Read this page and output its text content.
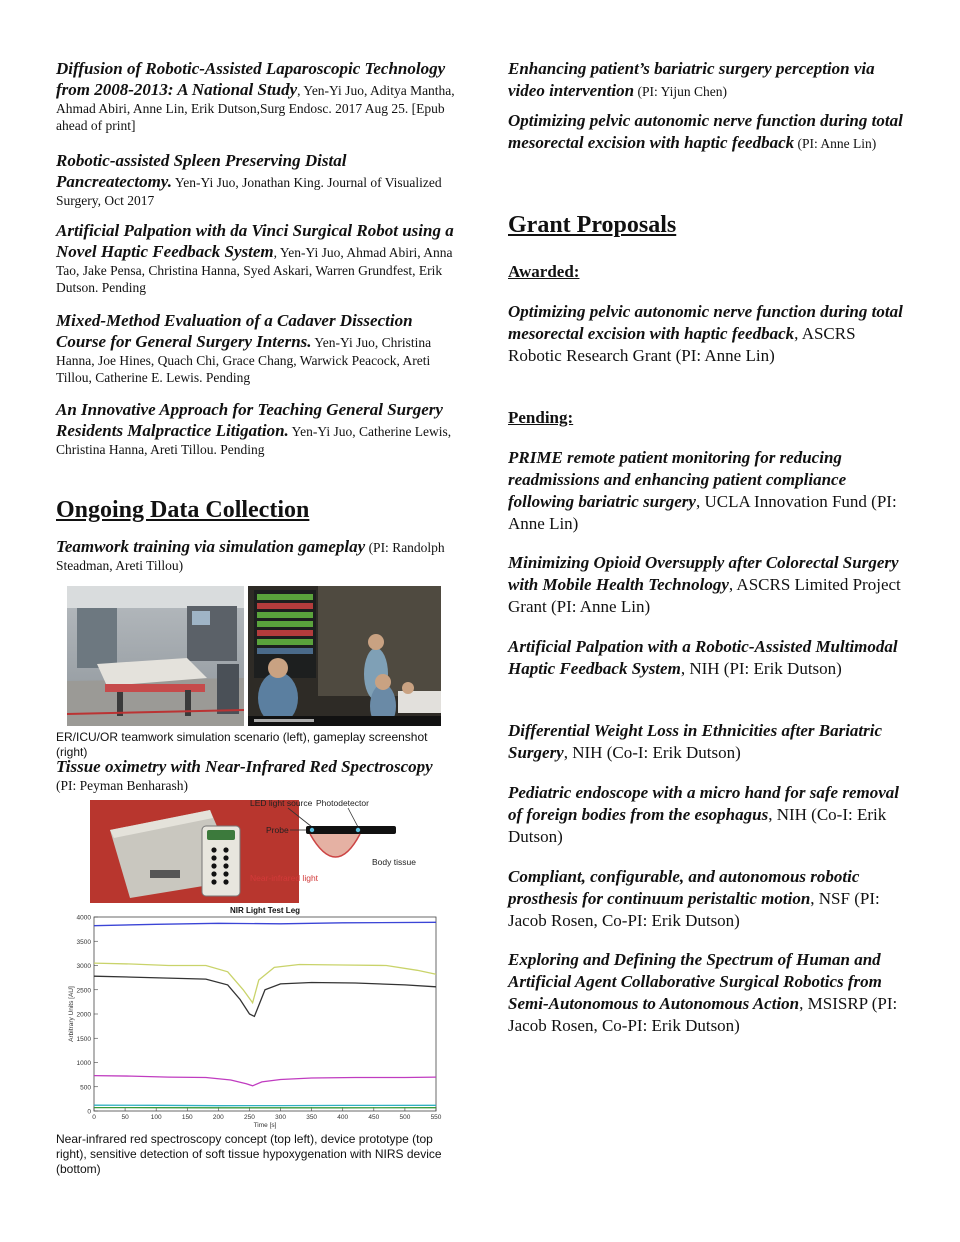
Diffusion of Robotic-Assisted Laparoscopic Technology from 2008-2013: A National Study, Yen-Yi Juo, Aditya Mantha, Ahmad Abiri, Anne Lin, Erik Dutson,Surg Endosc. 2017 Aug 25. [Epub ahead of print]
Robotic-assisted Spleen Preserving Distal Pancreatectomy. Yen-Yi Juo, Jonathan King. Journal of Visualized Surgery, Oct 2017
Artificial Palpation with da Vinci Surgical Robot using a Novel Haptic Feedback System, Yen-Yi Juo, Ahmad Abiri, Anna Tao, Jake Pensa, Christina Hanna, Syed Askari, Warren Grundfest, Erik Dutson. Pending
Mixed-Method Evaluation of a Cadaver Dissection Course for General Surgery Interns. Yen-Yi Juo, Christina Hanna, Joe Hines, Quach Chi, Grace Chang, Warwick Peacock, Areti Tillou, Catherine E. Lewis. Pending
An Innovative Approach for Teaching General Surgery Residents Malpractice Litigation. Yen-Yi Juo, Catherine Lewis, Christina Hanna, Areti Tillou. Pending
Ongoing Data Collection
Teamwork training via simulation gameplay (PI: Randolph Steadman, Areti Tillou)
ER/ICU/OR teamwork simulation scenario (left), gameplay screenshot (right)
Tissue oximetry with Near-Infrared Red Spectroscopy (PI: Peyman Benharash)
LED light source Photodetector
Probe
Body tissue
Near-infrared light
NIR Light Test Leg
0
500
1000
1500
2000
2500
3000
3500
4000
0	50	100	150	200	250	300	350	400	450	500	550
Time [s]
Arbitrary Units [AU]
Near-infrared red spectroscopy concept (top left), device prototype (top right), sensitive detection of soft tissue hypoxygenation with NIRS device (bottom)
Enhancing patient’s bariatric surgery perception via video intervention (PI: Yijun Chen)
Optimizing pelvic autonomic nerve function during total mesorectal excision with haptic feedback (PI: Anne Lin)
Grant Proposals
Awarded:
Optimizing pelvic autonomic nerve function during total mesorectal excision with haptic feedback, ASCRS Robotic Research Grant (PI: Anne Lin)
Pending:
PRIME remote patient monitoring for reducing readmissions and enhancing patient compliance following bariatric surgery, UCLA Innovation Fund (PI: Anne Lin)
Minimizing Opioid Oversupply after Colorectal Surgery with Mobile Health Technology, ASCRS Limited Project Grant (PI: Anne Lin)
Artificial Palpation with a Robotic-Assisted Multimodal Haptic Feedback System, NIH (PI: Erik Dutson)
Differential Weight Loss in Ethnicities after Bariatric Surgery, NIH (Co-I: Erik Dutson)
Pediatric endoscope with a micro hand for safe removal of foreign bodies from the esophagus, NIH (Co-I: Erik Dutson)
Compliant, configurable, and autonomous robotic prosthesis for continuum peristaltic motion, NSF (PI: Jacob Rosen, Co-PI: Erik Dutson)
Exploring and Defining the Spectrum of Human and Artificial Agent Collaborative Surgical Robotics from Semi-Autonomous to Autonomous Action, MSISRP (PI: Jacob Rosen, Co-PI: Erik Dutson)
